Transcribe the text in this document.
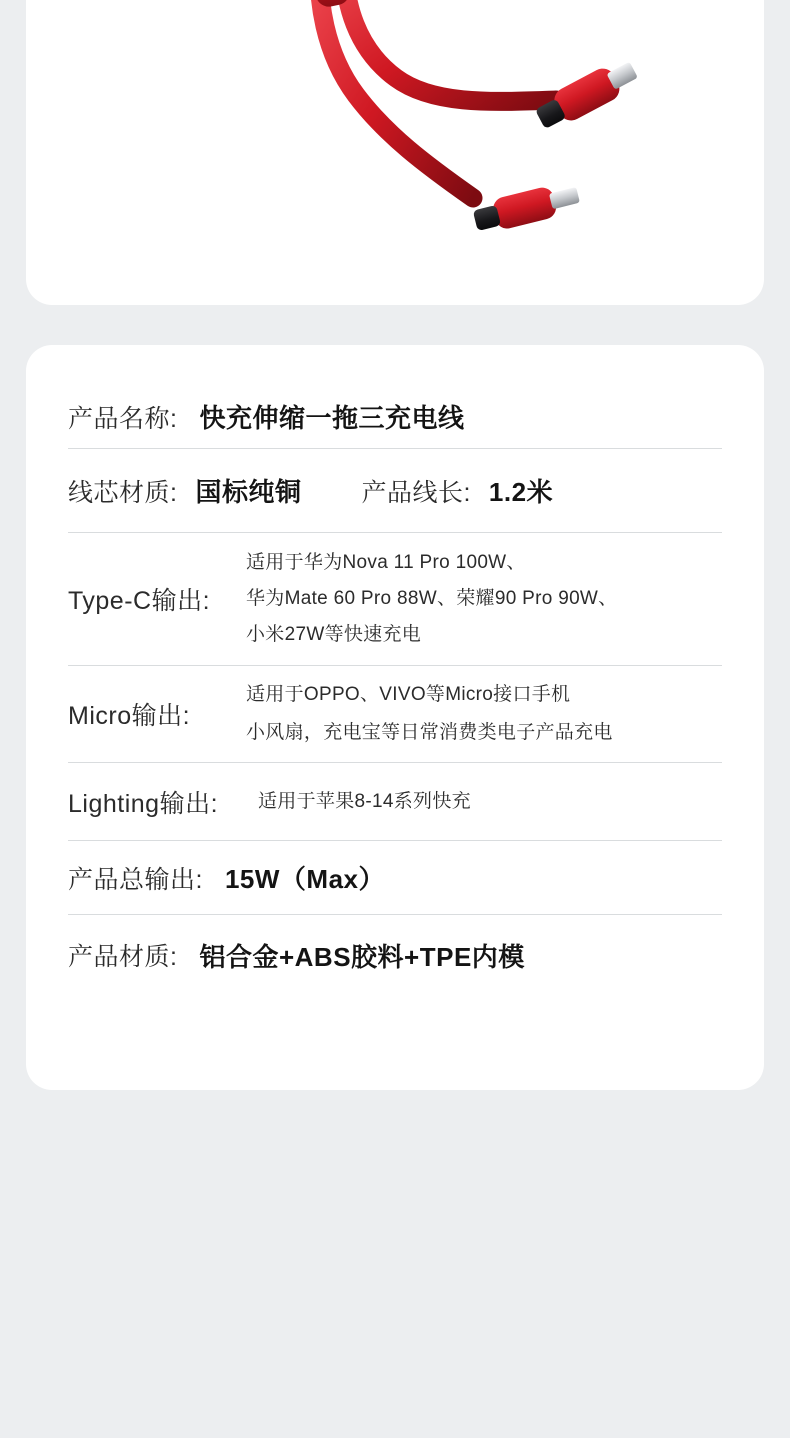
产品名称: 快充伸缩一拖三充电线
线芯材质: 国标纯铜 产品线长: 1.2米
Type-C输出:
适用于华为Nova 11 Pro 100W、
华为Mate 60 Pro 88W、荣耀90 Pro 90W、
小米27W等快速充电
Micro输出:
适用于OPPO、VIVO等Micro接口手机
小风扇，充电宝等日常消费类电子产品充电
Lighting输出:	适用于苹果8-14系列快充
产品总输出: 15W（Max）
产品材质: 铝合金+ABS胶料+TPE内模
